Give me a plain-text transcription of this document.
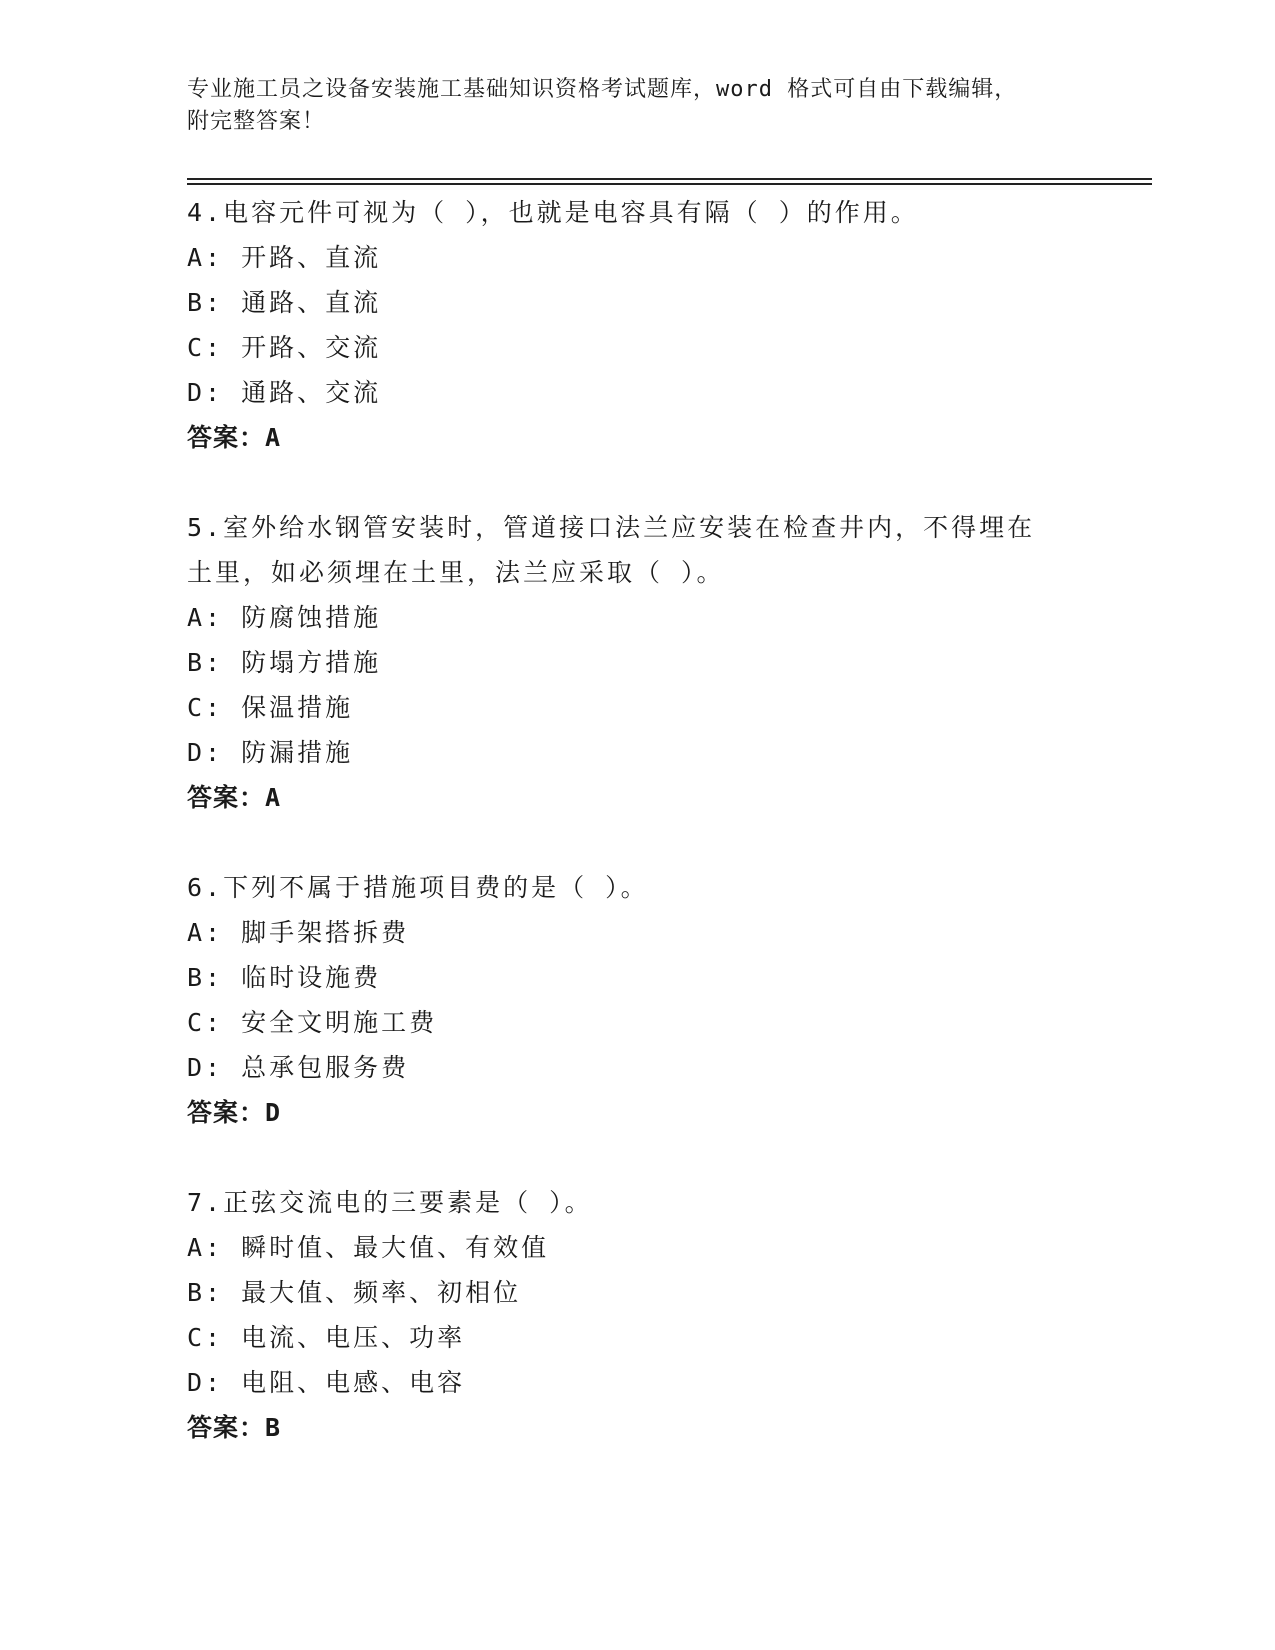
专业施工员之设备安装施工基础知识资格考试题库，word 格式可自由下载编辑，
附完整答案！
4.电容元件可视为（ ），也就是电容具有隔（ ）的作用。
A: 开路、直流
B: 通路、直流
C: 开路、交流
D: 通路、交流
答案：A
5.室外给水钢管安装时，管道接口法兰应安装在检查井内，不得埋在
土里，如必须埋在土里，法兰应采取（ ）。
A: 防腐蚀措施
B: 防塌方措施
C: 保温措施
D: 防漏措施
答案：A
6.下列不属于措施项目费的是（ ）。
A: 脚手架搭拆费
B: 临时设施费
C: 安全文明施工费
D: 总承包服务费
答案：D
7.正弦交流电的三要素是（ ）。
A: 瞬时值、最大值、有效值
B: 最大值、频率、初相位
C: 电流、电压、功率
D: 电阻、电感、电容
答案：B
